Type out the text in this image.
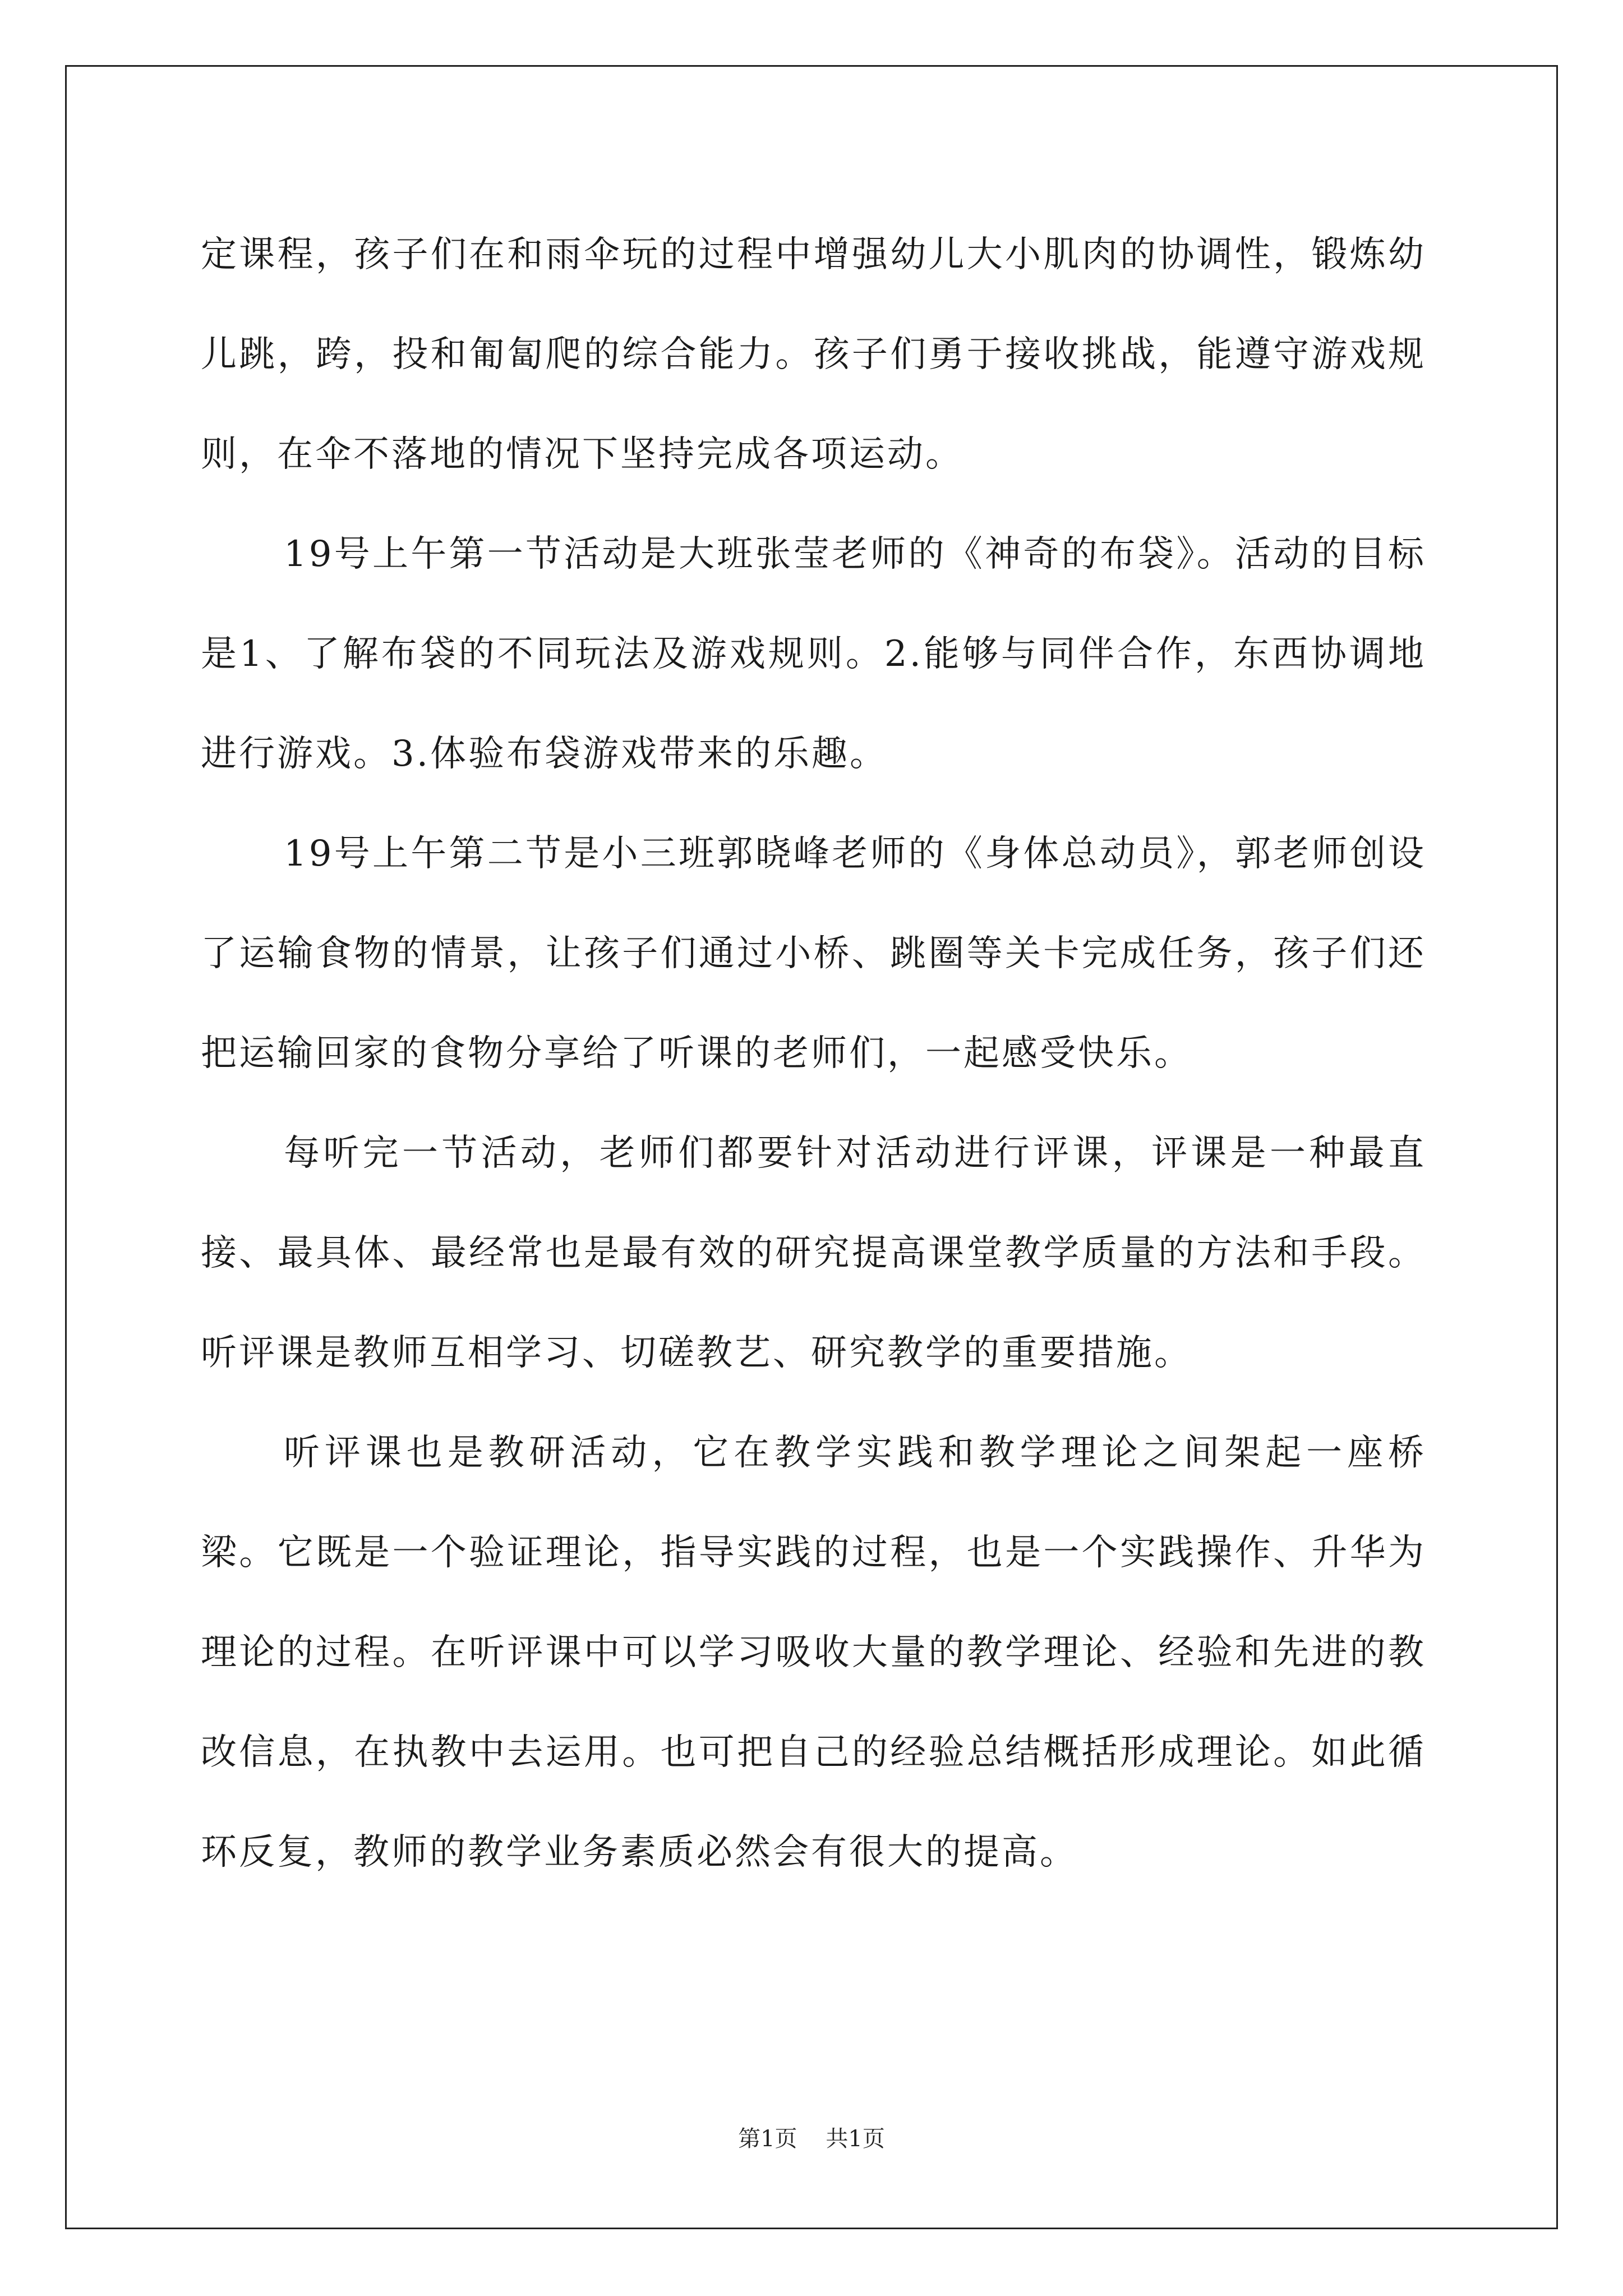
定课程，孩子们在和雨伞玩的过程中增强幼儿大小肌肉的协调性，锻炼幼儿跳，跨，投和匍匐爬的综合能力。孩子们勇于接收挑战，能遵守游戏规则，在伞不落地的情况下坚持完成各项运动。

19号上午第一节活动是大班张莹老师的《神奇的布袋》。活动的目标是1、了解布袋的不同玩法及游戏规则。2.能够与同伴合作，东西协调地进行游戏。3.体验布袋游戏带来的乐趣。

19号上午第二节是小三班郭晓峰老师的《身体总动员》，郭老师创设了运输食物的情景，让孩子们通过小桥、跳圈等关卡完成任务，孩子们还把运输回家的食物分享给了听课的老师们，一起感受快乐。

每听完一节活动，老师们都要针对活动进行评课，评课是一种最直接、最具体、最经常也是最有效的研究提高课堂教学质量的方法和手段。听评课是教师互相学习、切磋教艺、研究教学的重要措施。

听评课也是教研活动，它在教学实践和教学理论之间架起一座桥梁。它既是一个验证理论，指导实践的过程，也是一个实践操作、升华为理论的过程。在听评课中可以学习吸收大量的教学理论、经验和先进的教改信息，在执教中去运用。也可把自己的经验总结概括形成理论。如此循环反复，教师的教学业务素质必然会有很大的提高。

第1页 共1页
